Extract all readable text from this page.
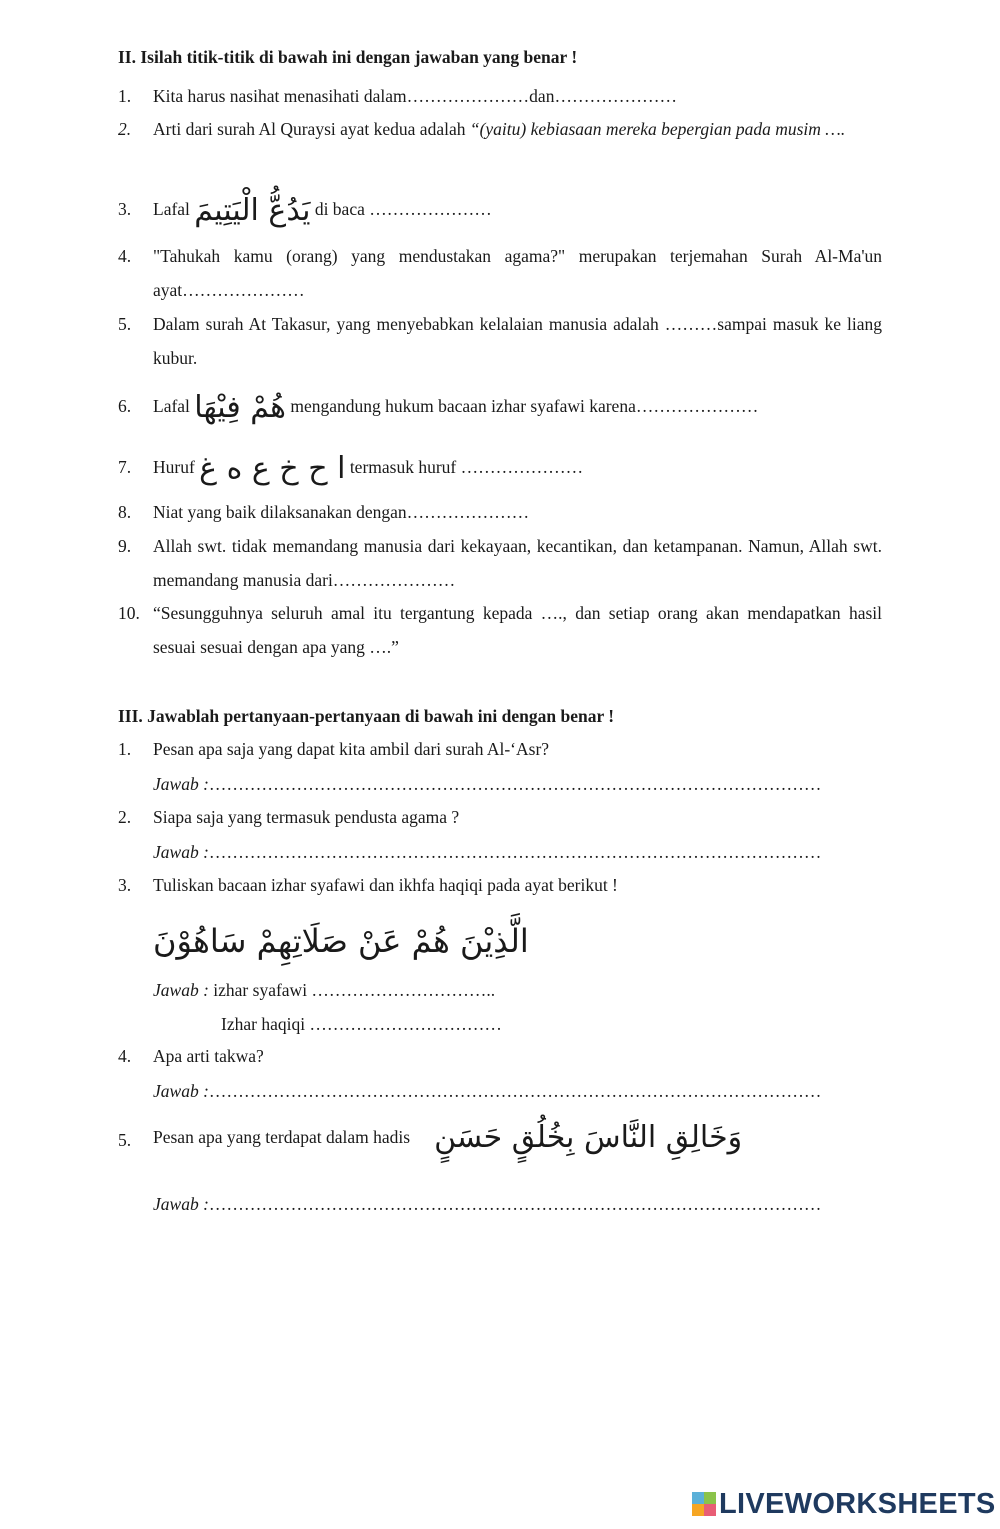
II. Isilah titik-titik di bawah ini dengan jawaban yang benar !
1.	Kita harus nasihat menasihati dalam…………………dan…………………
2.	Arti dari surah Al Quraysi ayat kedua adalah “(yaitu) kebiasaan mereka bepergian pada musim ….
3.	Lafal يَدُعُّ الْيَتِيمَ di baca …………………
4.	"Tahukah kamu (orang) yang mendustakan agama?" merupakan terjemahan Surah Al-Ma'un ayat…………………
5.	Dalam surah At Takasur, yang menyebabkan kelalaian manusia adalah ………sampai masuk ke liang kubur.
6.	Lafal هُمْ فِيْهَا mengandung hukum bacaan izhar syafawi karena…………………
7.	Huruf ا ح خ ع ه غ termasuk huruf …………………
8.	Niat yang baik dilaksanakan dengan…………………
9.	Allah swt. tidak memandang manusia dari kekayaan, kecantikan, dan ketampanan. Namun, Allah swt. memandang manusia dari…………………
10. “Sesungguhnya seluruh amal itu tergantung kepada …., dan setiap orang akan mendapatkan hasil sesuai sesuai dengan apa yang ….”
III. Jawablah pertanyaan-pertanyaan di bawah ini dengan benar !
1.	Pesan apa saja yang dapat kita ambil dari surah Al-‘Asr?
Jawab :……………………………………………………………………………………………
2.	Siapa saja yang termasuk pendusta agama ?
Jawab :……………………………………………………………………………………………
3.	Tuliskan bacaan izhar syafawi dan ikhfa haqiqi pada ayat berikut !
الَّذِيْنَ هُمْ عَنْ صَلَاتِهِمْ سَاهُوْنَ
Jawab : izhar syafawi …………………………..
Izhar haqiqi ……………………………
4.	Apa arti takwa?
Jawab :……………………………………………………………………………………………
5.	Pesan apa yang terdapat dalam hadis وَخَالِقِ النَّاسَ بِخُلُقٍ حَسَنٍ
Jawab :……………………………………………………………………………………………
LIVEWORKSHEETS
